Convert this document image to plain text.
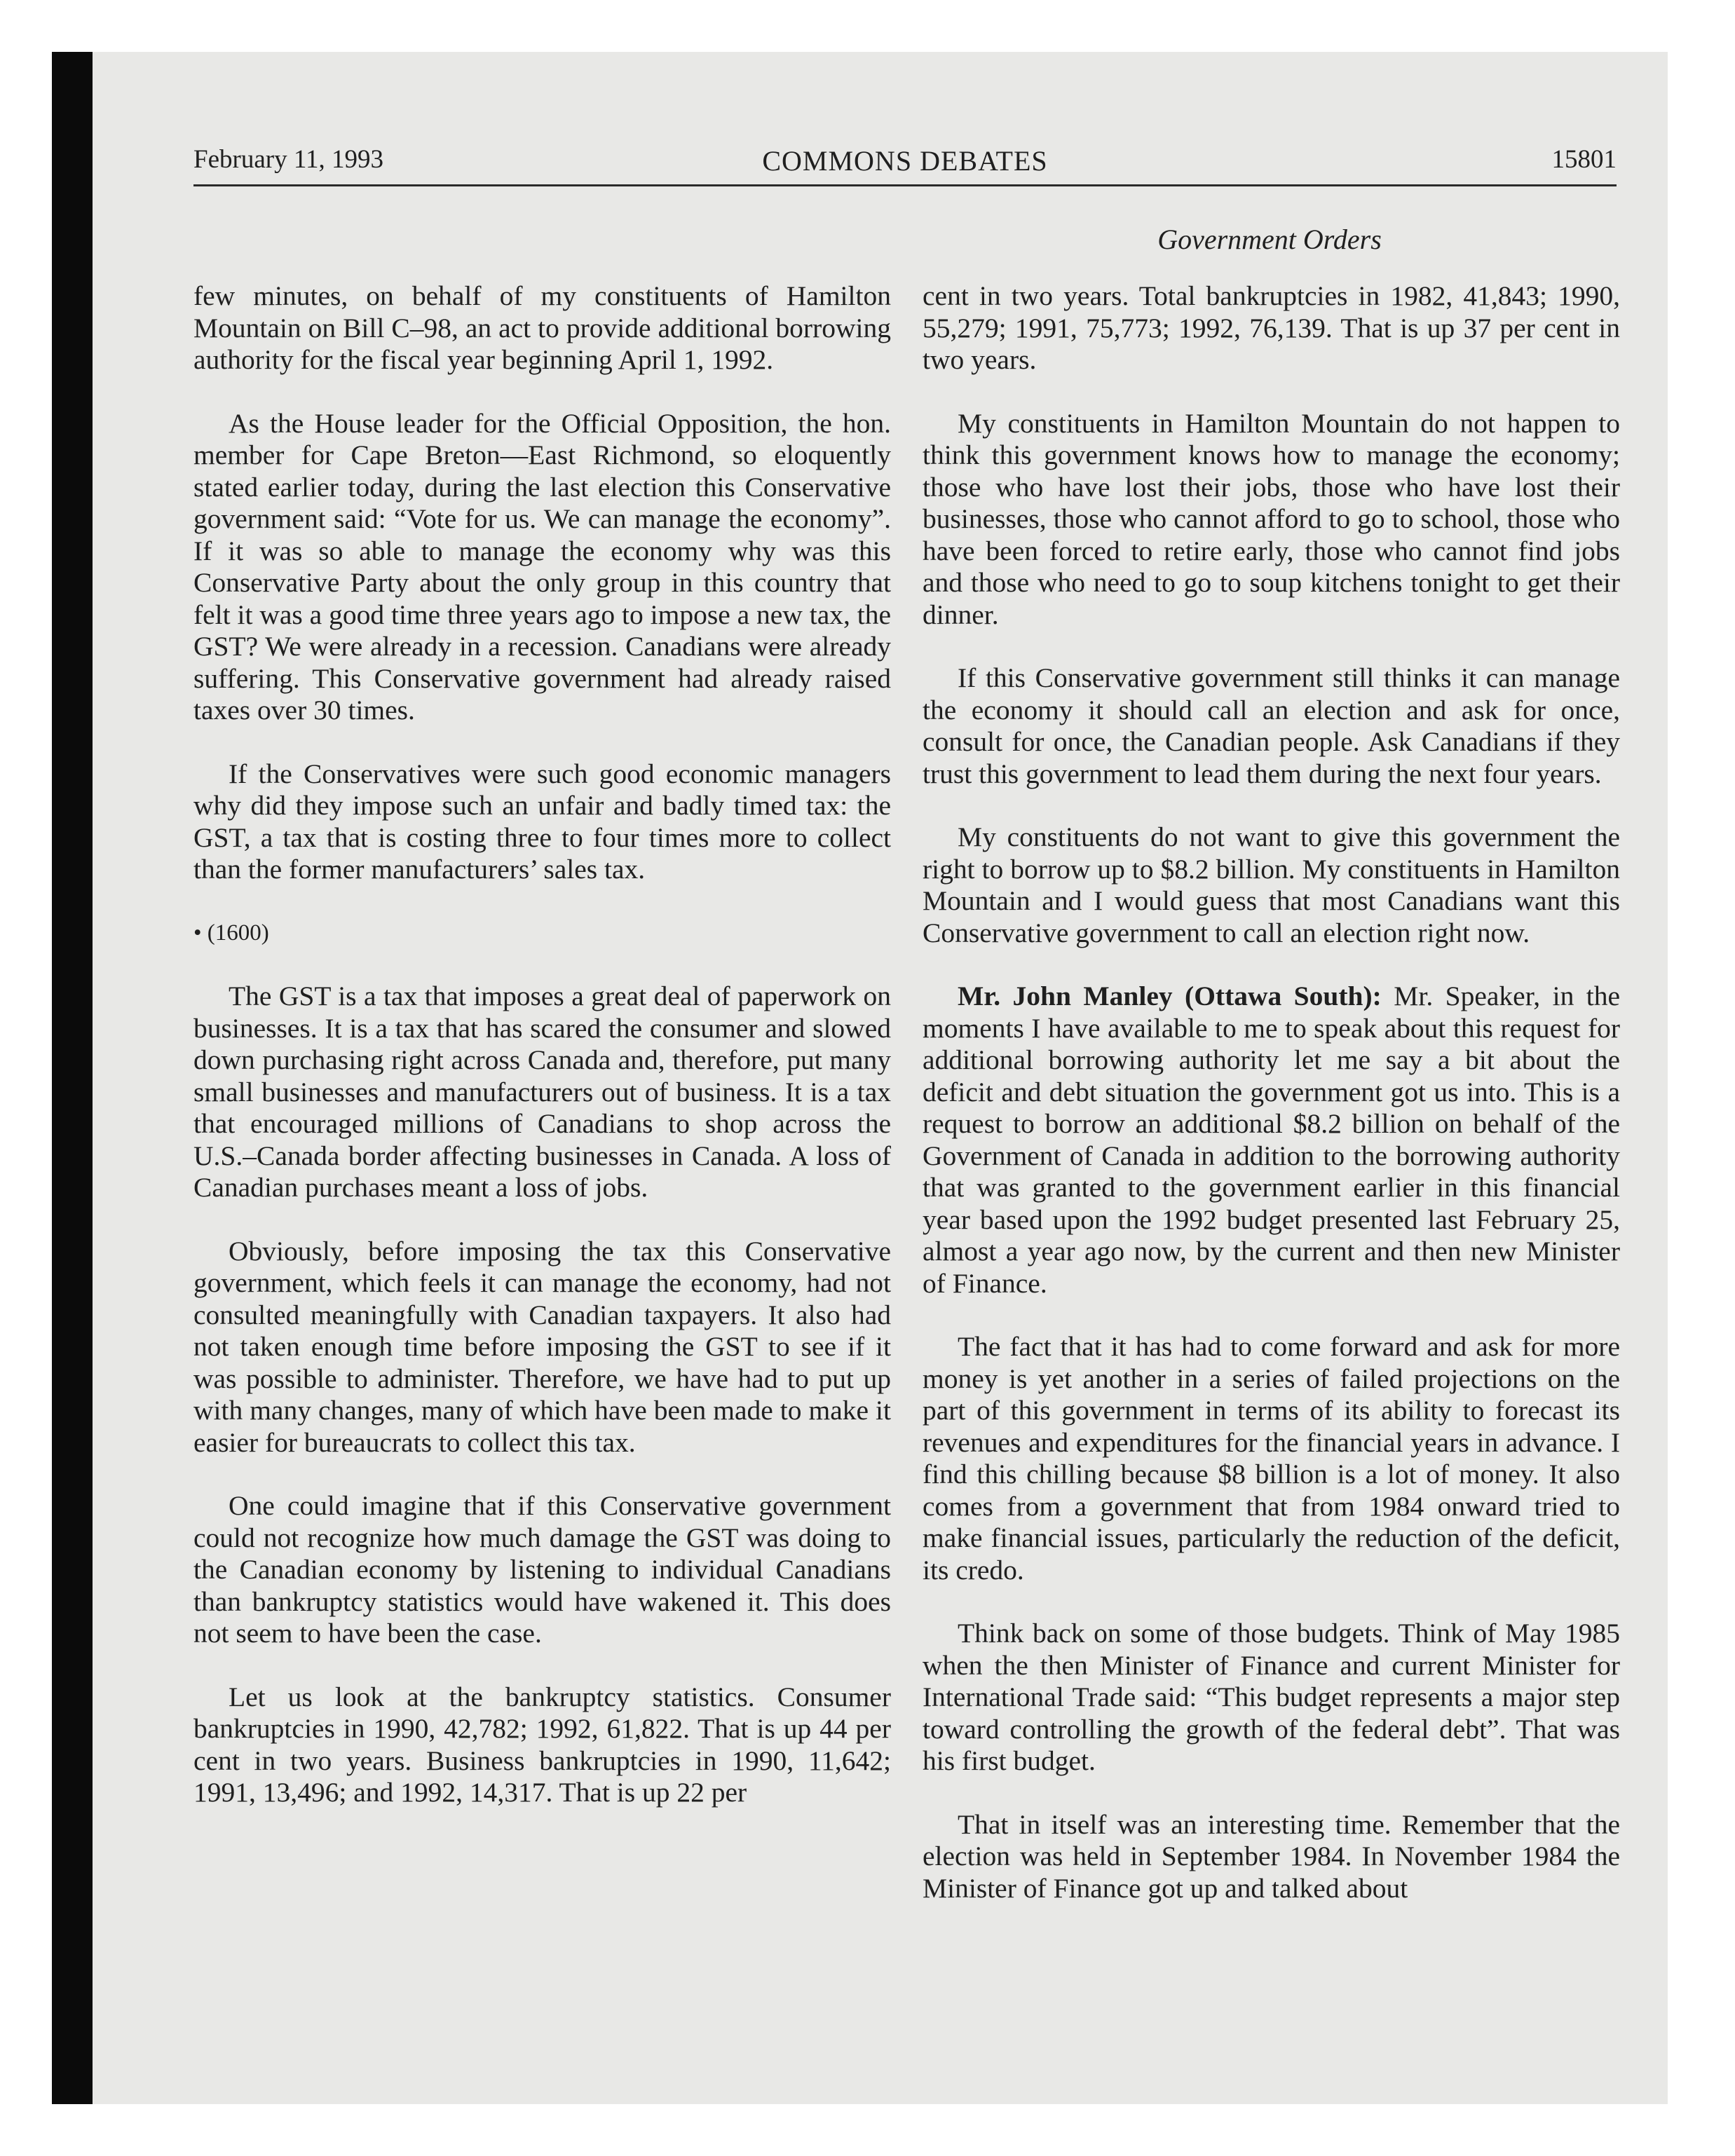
February 11, 1993	COMMONS DEBATES	15801
Government Orders

few minutes, on behalf of my constituents of Hamilton Mountain on Bill C–98, an act to provide additional borrowing authority for the fiscal year beginning April 1, 1992.

As the House leader for the Official Opposition, the hon. member for Cape Breton—East Richmond, so eloquently stated earlier today, during the last election this Conservative government said: “Vote for us. We can manage the economy”. If it was so able to manage the economy why was this Conservative Party about the only group in this country that felt it was a good time three years ago to impose a new tax, the GST? We were already in a recession. Canadians were already suffering. This Conservative government had already raised taxes over 30 times.

If the Conservatives were such good economic managers why did they impose such an unfair and badly timed tax: the GST, a tax that is costing three to four times more to collect than the former manufacturers’ sales tax.

• (1600)

The GST is a tax that imposes a great deal of paperwork on businesses. It is a tax that has scared the consumer and slowed down purchasing right across Canada and, therefore, put many small businesses and manufacturers out of business. It is a tax that encouraged millions of Canadians to shop across the U.S.–Canada border affecting businesses in Canada. A loss of Canadian purchases meant a loss of jobs.

Obviously, before imposing the tax this Conservative government, which feels it can manage the economy, had not consulted meaningfully with Canadian taxpayers. It also had not taken enough time before imposing the GST to see if it was possible to administer. Therefore, we have had to put up with many changes, many of which have been made to make it easier for bureaucrats to collect this tax.

One could imagine that if this Conservative government could not recognize how much damage the GST was doing to the Canadian economy by listening to individual Canadians than bankruptcy statistics would have wakened it. This does not seem to have been the case.

Let us look at the bankruptcy statistics. Consumer bankruptcies in 1990, 42,782; 1992, 61,822. That is up 44 per cent in two years. Business bankruptcies in 1990, 11,642; 1991, 13,496; and 1992, 14,317. That is up 22 per

cent in two years. Total bankruptcies in 1982, 41,843; 1990, 55,279; 1991, 75,773; 1992, 76,139. That is up 37 per cent in two years.

My constituents in Hamilton Mountain do not happen to think this government knows how to manage the economy; those who have lost their jobs, those who have lost their businesses, those who cannot afford to go to school, those who have been forced to retire early, those who cannot find jobs and those who need to go to soup kitchens tonight to get their dinner.

If this Conservative government still thinks it can manage the economy it should call an election and ask for once, consult for once, the Canadian people. Ask Canadians if they trust this government to lead them during the next four years.

My constituents do not want to give this government the right to borrow up to $8.2 billion. My constituents in Hamilton Mountain and I would guess that most Canadians want this Conservative government to call an election right now.

Mr. John Manley (Ottawa South): Mr. Speaker, in the moments I have available to me to speak about this request for additional borrowing authority let me say a bit about the deficit and debt situation the government got us into. This is a request to borrow an additional $8.2 billion on behalf of the Government of Canada in addition to the borrowing authority that was granted to the government earlier in this financial year based upon the 1992 budget presented last February 25, almost a year ago now, by the current and then new Minister of Finance.

The fact that it has had to come forward and ask for more money is yet another in a series of failed projections on the part of this government in terms of its ability to forecast its revenues and expenditures for the financial years in advance. I find this chilling because $8 billion is a lot of money. It also comes from a government that from 1984 onward tried to make financial issues, particularly the reduction of the deficit, its credo.

Think back on some of those budgets. Think of May 1985 when the then Minister of Finance and current Minister for International Trade said: “This budget represents a major step toward controlling the growth of the federal debt”. That was his first budget.

That in itself was an interesting time. Remember that the election was held in September 1984. In November 1984 the Minister of Finance got up and talked about
